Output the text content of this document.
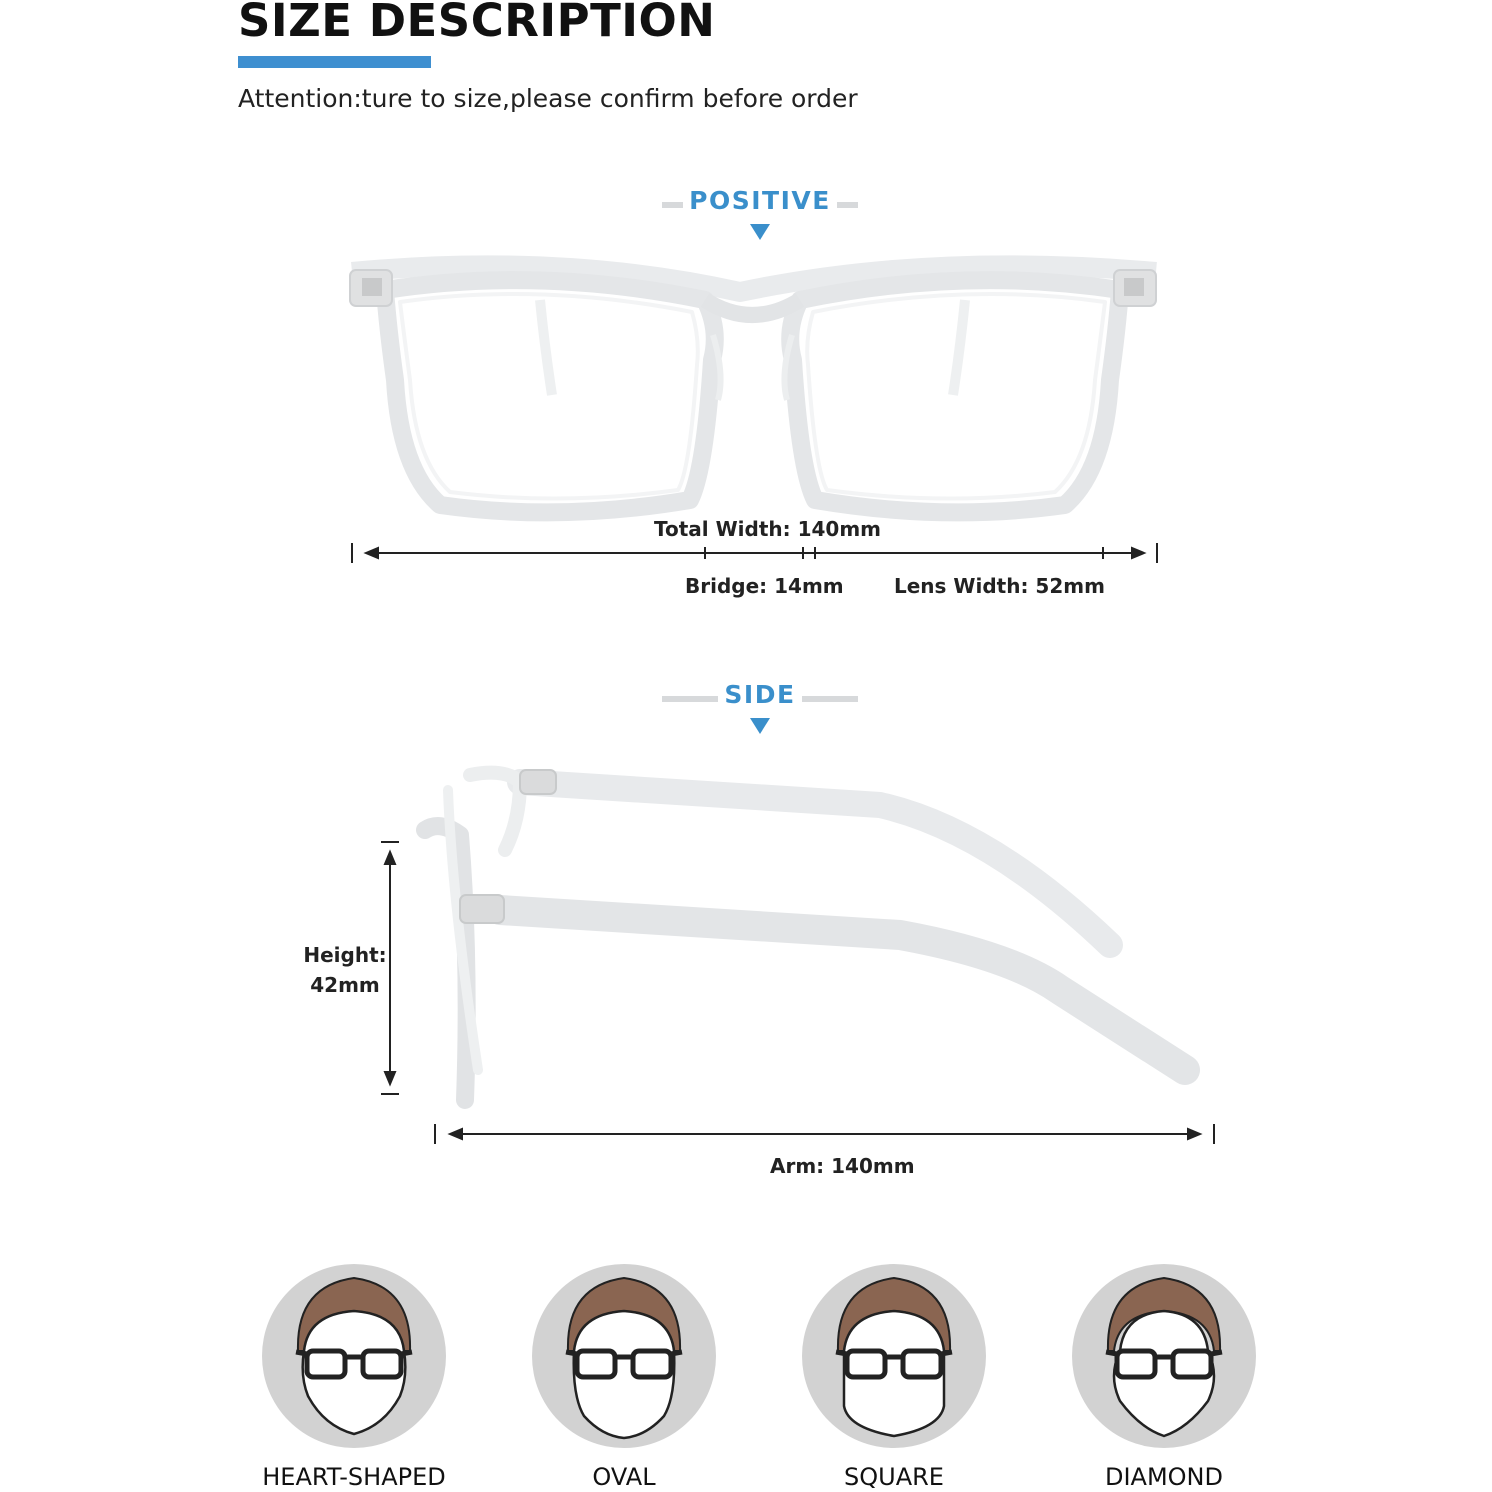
SIZE DESCRIPTION
Attention:ture to size,please confirm before order
POSITIVE
Total Width: 140mm
Bridge: 14mm	Lens Width: 52mm
SIDE
Height:
42mm
Arm: 140mm
HEART-SHAPED	OVAL	SQUARE	DIAMOND
